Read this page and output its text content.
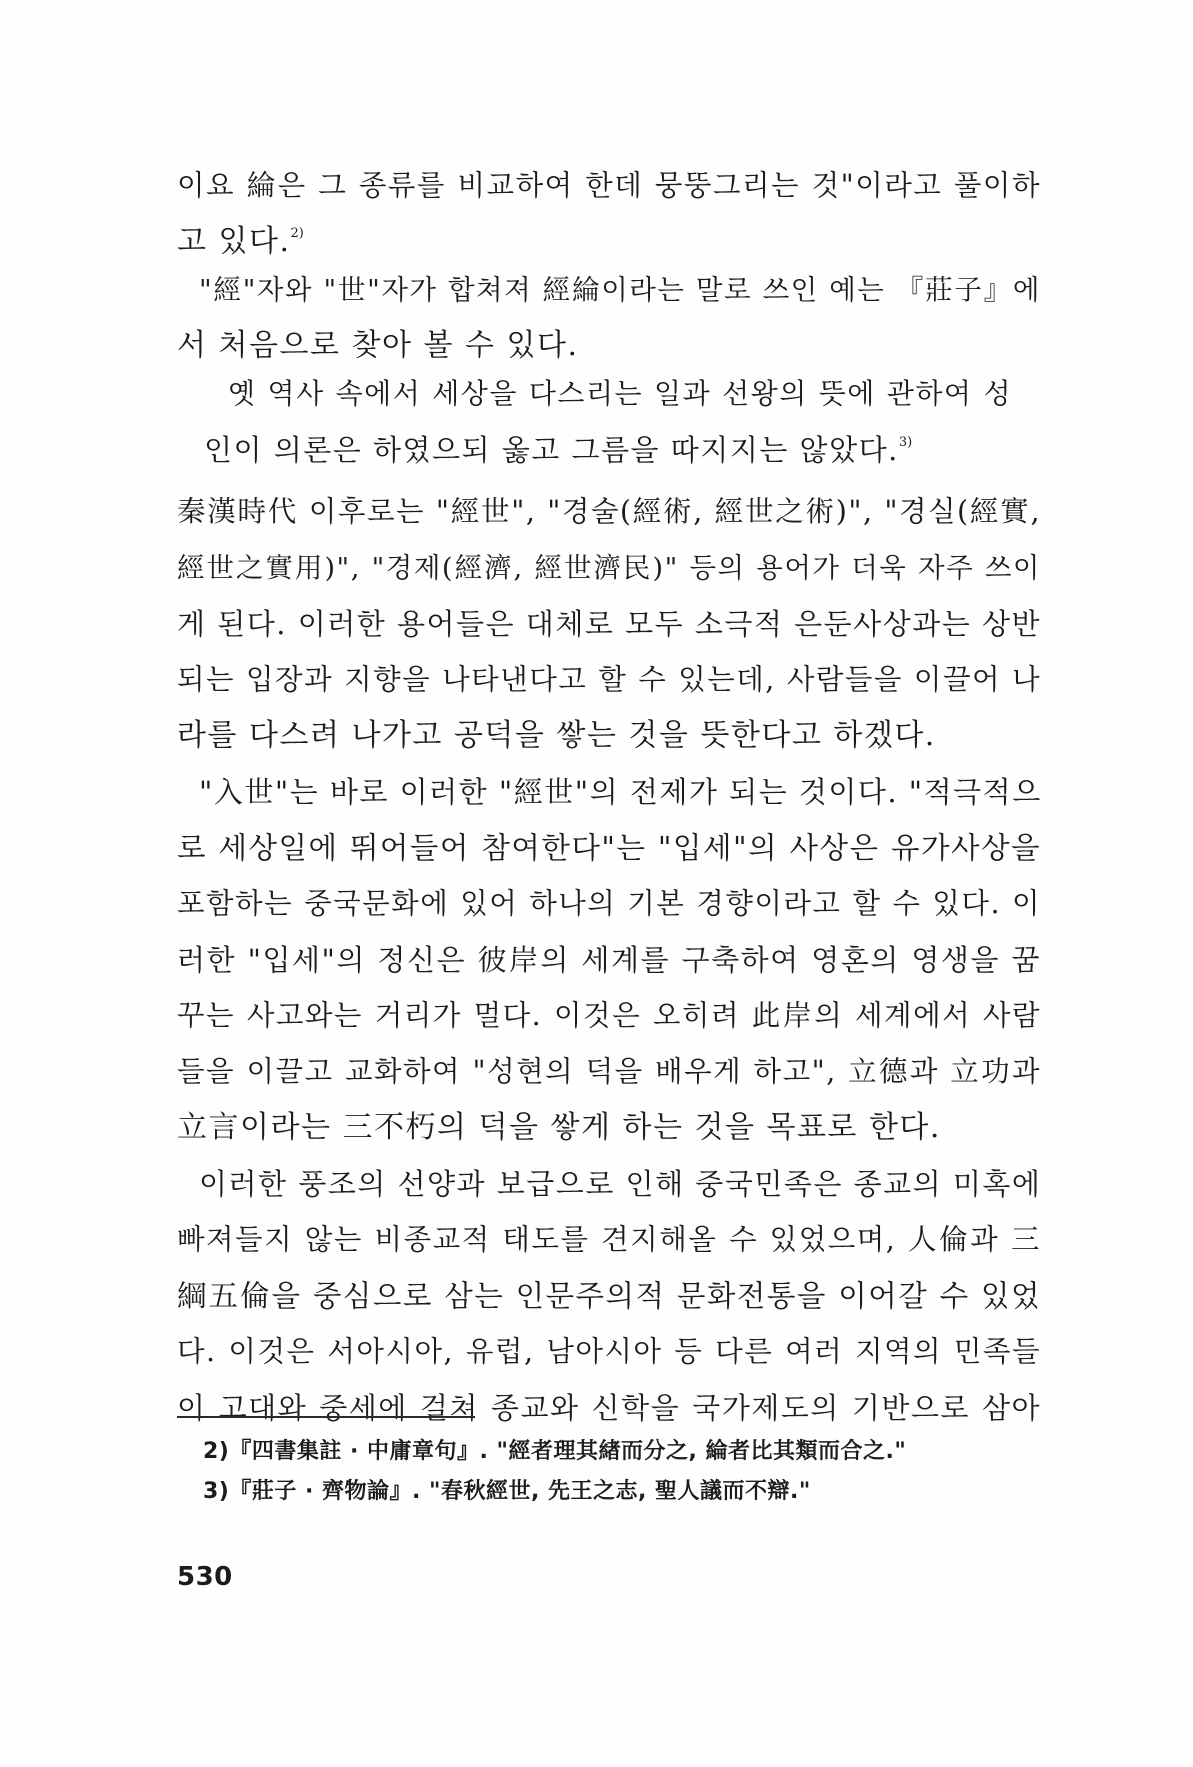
이요 綸은 그 종류를 비교하여 한데 뭉뚱그리는 것"이라고 풀이하
고 있다.$^{2)}$
"經"자와 "世"자가 합쳐져 經綸이라는 말로 쓰인 예는 『莊子』에
서 처음으로 찾아 볼 수 있다.
옛 역사 속에서 세상을 다스리는 일과 선왕의 뜻에 관하여 성
인이 의론은 하였으되 옳고 그름을 따지지는 않았다.$^{3)}$
秦漢時代 이후로는 "經世", "경술(經術, 經世之術)", "경실(經實,
經世之實用)", "경제(經濟, 經世濟民)" 등의 용어가 더욱 자주 쓰이
게 된다. 이러한 용어들은 대체로 모두 소극적 은둔사상과는 상반
되는 입장과 지향을 나타낸다고 할 수 있는데, 사람들을 이끌어 나
라를 다스려 나가고 공덕을 쌓는 것을 뜻한다고 하겠다.
"入世"는 바로 이러한 "經世"의 전제가 되는 것이다. "적극적으
로 세상일에 뛰어들어 참여한다"는 "입세"의 사상은 유가사상을
포함하는 중국문화에 있어 하나의 기본 경향이라고 할 수 있다. 이
러한 "입세"의 정신은 彼岸의 세계를 구축하여 영혼의 영생을 꿈
꾸는 사고와는 거리가 멀다. 이것은 오히려 此岸의 세계에서 사람
들을 이끌고 교화하여 "성현의 덕을 배우게 하고", 立德과 立功과
立言이라는 三不朽의 덕을 쌓게 하는 것을 목표로 한다.
이러한 풍조의 선양과 보급으로 인해 중국민족은 종교의 미혹에
빠져들지 않는 비종교적 태도를 견지해올 수 있었으며, 人倫과 三
綱五倫을 중심으로 삼는 인문주의적 문화전통을 이어갈 수 있었
다. 이것은 서아시아, 유럽, 남아시아 등 다른 여러 지역의 민족들
이 고대와 중세에 걸쳐 종교와 신학을 국가제도의 기반으로 삼아
2)『四書集註 · 中庸章句』. "經者理其緖而分之, 綸者比其類而合之."
3)『莊子 · 齊物論』. "春秋經世, 先王之志, 聖人議而不辯."
530
